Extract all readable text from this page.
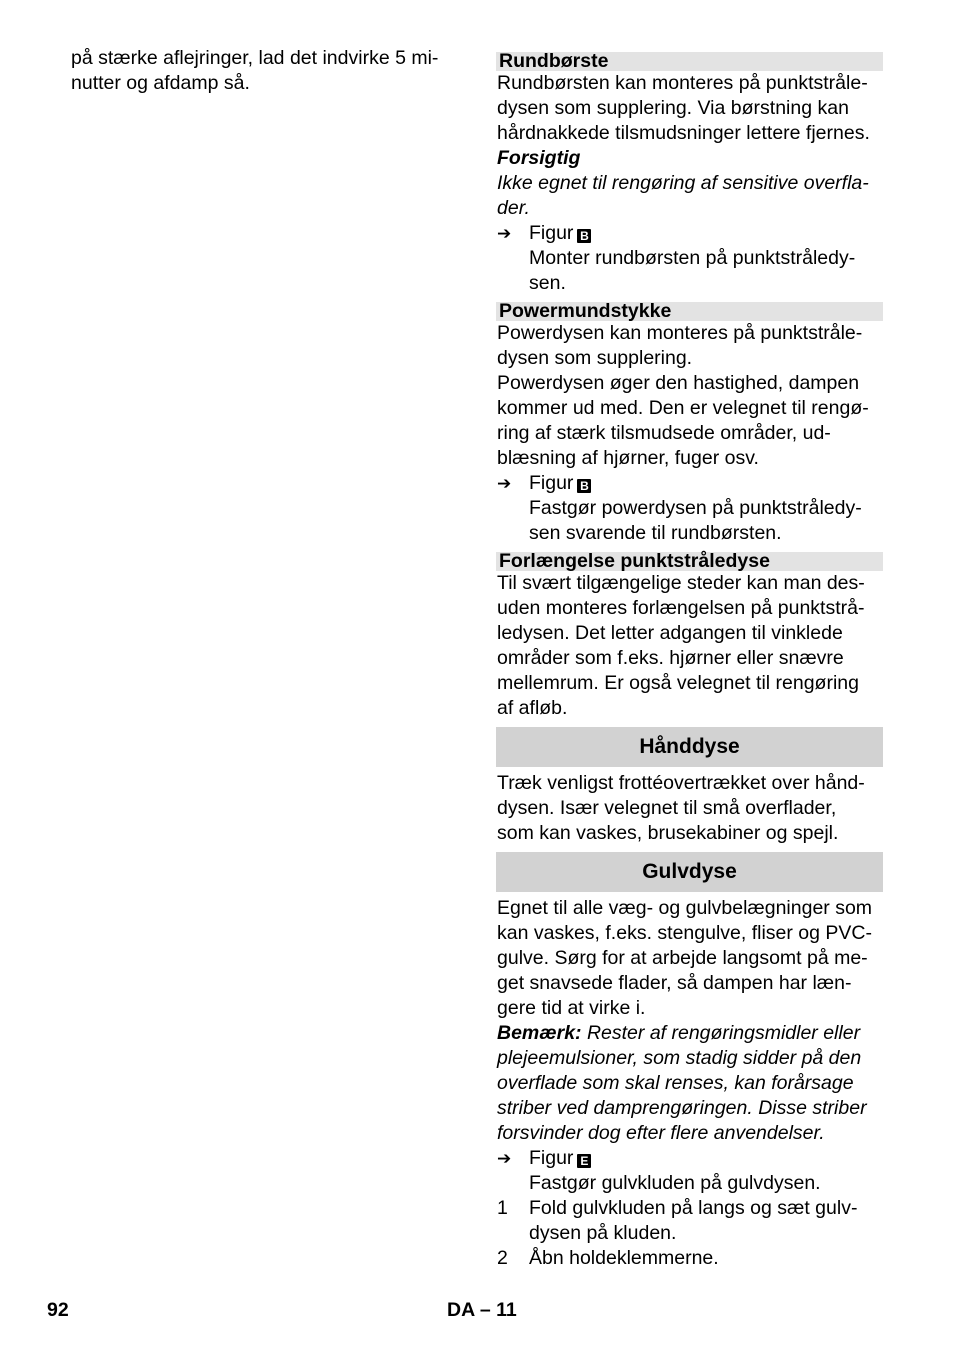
på stærke aflejringer, lad det indvirke 5 mi-
nutter og afdamp så.
Rundbørste
Rundbørsten kan monteres på punktstråle-
dysen som supplering. Via børstning kan
hårdnakkede tilsmudsninger lettere fjernes.
Forsigtig
Ikke egnet til rengøring af sensitive overfla-
der.
➔ Figur B
Monter rundbørsten på punktstråledy-
sen.
Powermundstykke
Powerdysen kan monteres på punktstråle-
dysen som supplering.
Powerdysen øger den hastighed, dampen
kommer ud med. Den er velegnet til rengø-
ring af stærk tilsmudsede områder, ud-
blæsning af hjørner, fuger osv.
➔ Figur B
Fastgør powerdysen på punktstråledy-
sen svarende til rundbørsten.
Forlængelse punktstråledyse
Til svært tilgængelige steder kan man des-
uden monteres forlængelsen på punktstrå-
ledysen. Det letter adgangen til vinklede
områder som f.eks. hjørner eller snævre
mellemrum. Er også velegnet til rengøring
af afløb.
Hånddyse
Træk venligst frottéovertrækket over hånd-
dysen. Især velegnet til små overflader,
som kan vaskes, brusekabiner og spejl.
Gulvdyse
Egnet til alle væg- og gulvbelægninger som
kan vaskes, f.eks. stengulve, fliser og PVC-
gulve. Sørg for at arbejde langsomt på me-
get snavsede flader, så dampen har læn-
gere tid at virke i.
Bemærk: Rester af rengøringsmidler eller
plejeemulsioner, som stadig sidder på den
overflade som skal renses, kan forårsage
striber ved damprengøringen. Disse striber
forsvinder dog efter flere anvendelser.
➔ Figur E
Fastgør gulvkluden på gulvdysen.
1 Fold gulvkluden på langs og sæt gulv-
dysen på kluden.
2 Åbn holdeklemmerne.
92	DA – 11
